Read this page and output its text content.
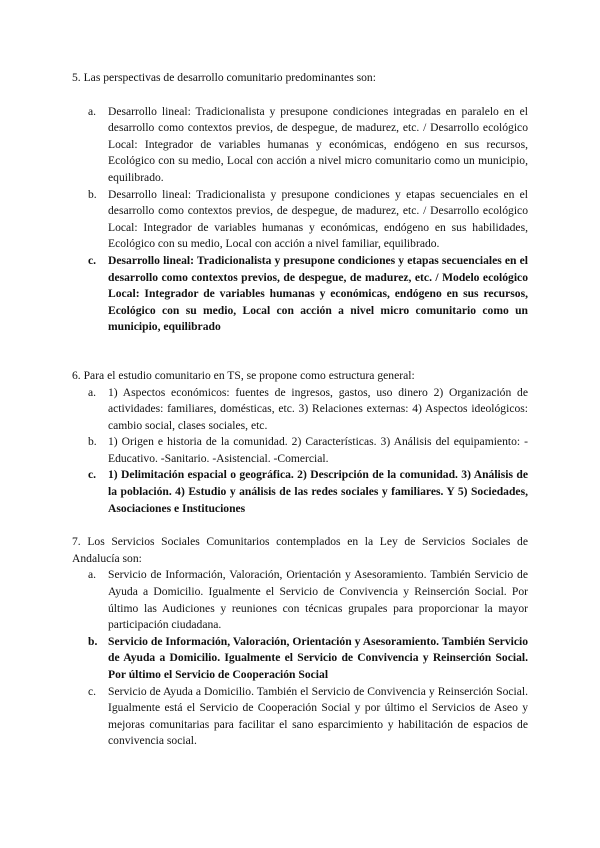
5. Las perspectivas de desarrollo comunitario predominantes son:

a. Desarrollo lineal: Tradicionalista y presupone condiciones integradas en paralelo en el desarrollo como contextos previos, de despegue, de madurez, etc. / Desarrollo ecológico Local: Integrador de variables humanas y económicas, endógeno en sus recursos, Ecológico con su medio, Local con acción a nivel micro comunitario como un municipio, equilibrado.
b. Desarrollo lineal: Tradicionalista y presupone condiciones y etapas secuenciales en el desarrollo como contextos previos, de despegue, de madurez, etc. / Desarrollo ecológico Local: Integrador de variables humanas y económicas, endógeno en sus habilidades, Ecológico con su medio, Local con acción a nivel familiar, equilibrado.
c. Desarrollo lineal: Tradicionalista y presupone condiciones y etapas secuenciales en el desarrollo como contextos previos, de despegue, de madurez, etc. / Modelo ecológico Local: Integrador de variables humanas y económicas, endógeno en sus recursos, Ecológico con su medio, Local con acción a nivel micro comunitario como un municipio, equilibrado

6. Para el estudio comunitario en TS, se propone como estructura general:

a. 1) Aspectos económicos: fuentes de ingresos, gastos, uso dinero 2) Organización de actividades: familiares, domésticas, etc. 3) Relaciones externas: 4) Aspectos ideológicos: cambio social, clases sociales, etc.
b. 1) Origen e historia de la comunidad. 2) Características. 3) Análisis del equipamiento: -Educativo. -Sanitario. -Asistencial. -Comercial.
c. 1) Delimitación espacial o geográfica. 2) Descripción de la comunidad. 3) Análisis de la población. 4) Estudio y análisis de las redes sociales y familiares. Y 5) Sociedades, Asociaciones e Instituciones

7. Los Servicios Sociales Comunitarios contemplados en la Ley de Servicios Sociales de Andalucía son:

a. Servicio de Información, Valoración, Orientación y Asesoramiento. También Servicio de Ayuda a Domicilio. Igualmente el Servicio de Convivencia y Reinserción Social. Por último las Audiciones y reuniones con técnicas grupales para proporcionar la mayor participación ciudadana.
b. Servicio de Información, Valoración, Orientación y Asesoramiento. También Servicio de Ayuda a Domicilio. Igualmente el Servicio de Convivencia y Reinserción Social. Por último el Servicio de Cooperación Social
c. Servicio de Ayuda a Domicilio. También el Servicio de Convivencia y Reinserción Social. Igualmente está el Servicio de Cooperación Social y por último el Servicios de Aseo y mejoras comunitarias para facilitar el sano esparcimiento y habilitación de espacios de convivencia social.
